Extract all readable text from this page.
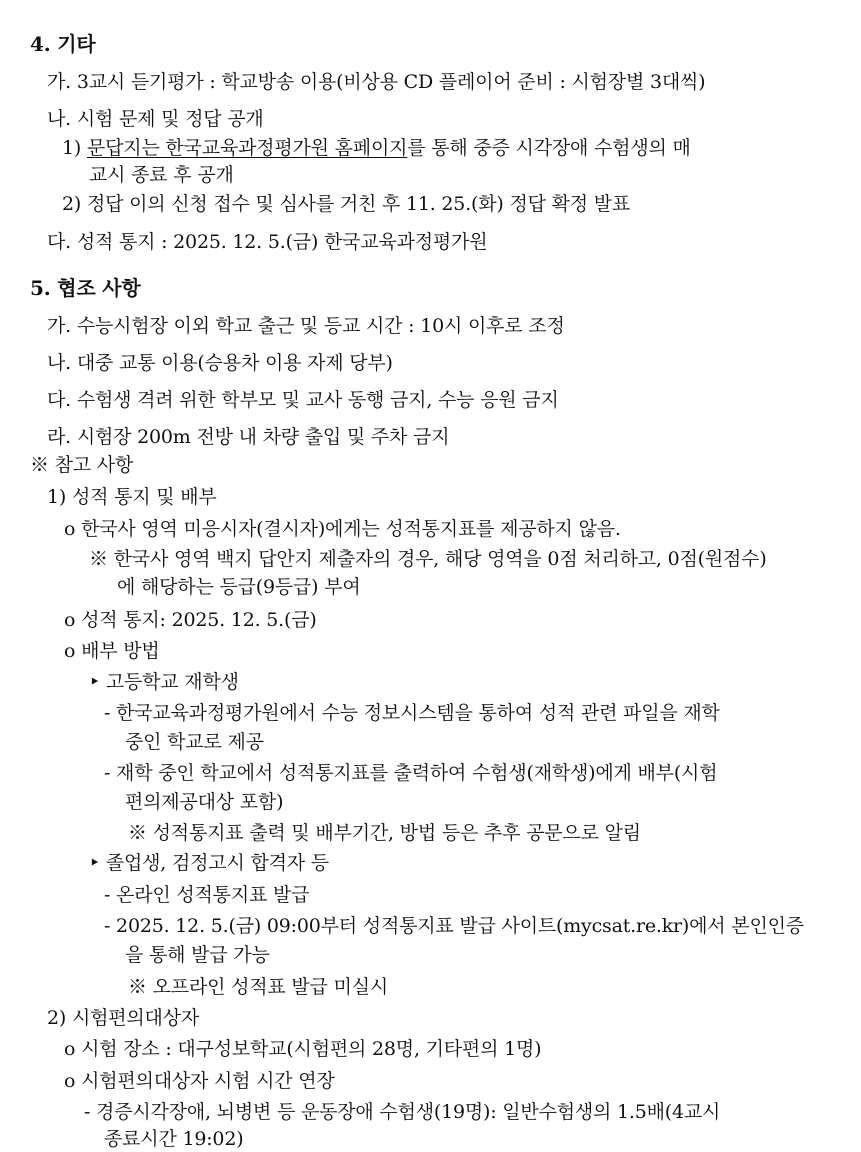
4. 기타
가. 3교시 듣기평가 : 학교방송 이용(비상용 CD 플레이어 준비 : 시험장별 3대씩)
나. 시험 문제 및 정답 공개
1) 문답지는 한국교육과정평가원 홈페이지를 통해 중증 시각장애 수험생의 매
교시 종료 후 공개
2) 정답 이의 신청 접수 및 심사를 거친 후 11. 25.(화) 정답 확정 발표
다. 성적 통지 : 2025. 12. 5.(금) 한국교육과정평가원
5. 협조 사항
가. 수능시험장 이외 학교 출근 및 등교 시간 : 10시 이후로 조정
나. 대중 교통 이용(승용차 이용 자제 당부)
다. 수험생 격려 위한 학부모 및 교사 동행 금지, 수능 응원 금지
라. 시험장 200m 전방 내 차량 출입 및 주차 금지
※ 참고 사항
1) 성적 통지 및 배부
o 한국사 영역 미응시자(결시자)에게는 성적통지표를 제공하지 않음.
※ 한국사 영역 백지 답안지 제출자의 경우, 해당 영역을 0점 처리하고, 0점(원점수)
에 해당하는 등급(9등급) 부여
o 성적 통지: 2025. 12. 5.(금)
o 배부 방법
‣ 고등학교 재학생
- 한국교육과정평가원에서 수능 정보시스템을 통하여 성적 관련 파일을 재학
중인 학교로 제공
- 재학 중인 학교에서 성적통지표를 출력하여 수험생(재학생)에게 배부(시험
편의제공대상 포함)
※ 성적통지표 출력 및 배부기간, 방법 등은 추후 공문으로 알림
‣ 졸업생, 검정고시 합격자 등
- 온라인 성적통지표 발급
- 2025. 12. 5.(금) 09:00부터 성적통지표 발급 사이트(mycsat.re.kr)에서 본인인증
을 통해 발급 가능
※ 오프라인 성적표 발급 미실시
2) 시험편의대상자
o 시험 장소 : 대구성보학교(시험편의 28명, 기타편의 1명)
o 시험편의대상자 시험 시간 연장
- 경증시각장애, 뇌병변 등 운동장애 수험생(19명): 일반수험생의 1.5배(4교시
종료시간 19:02)
